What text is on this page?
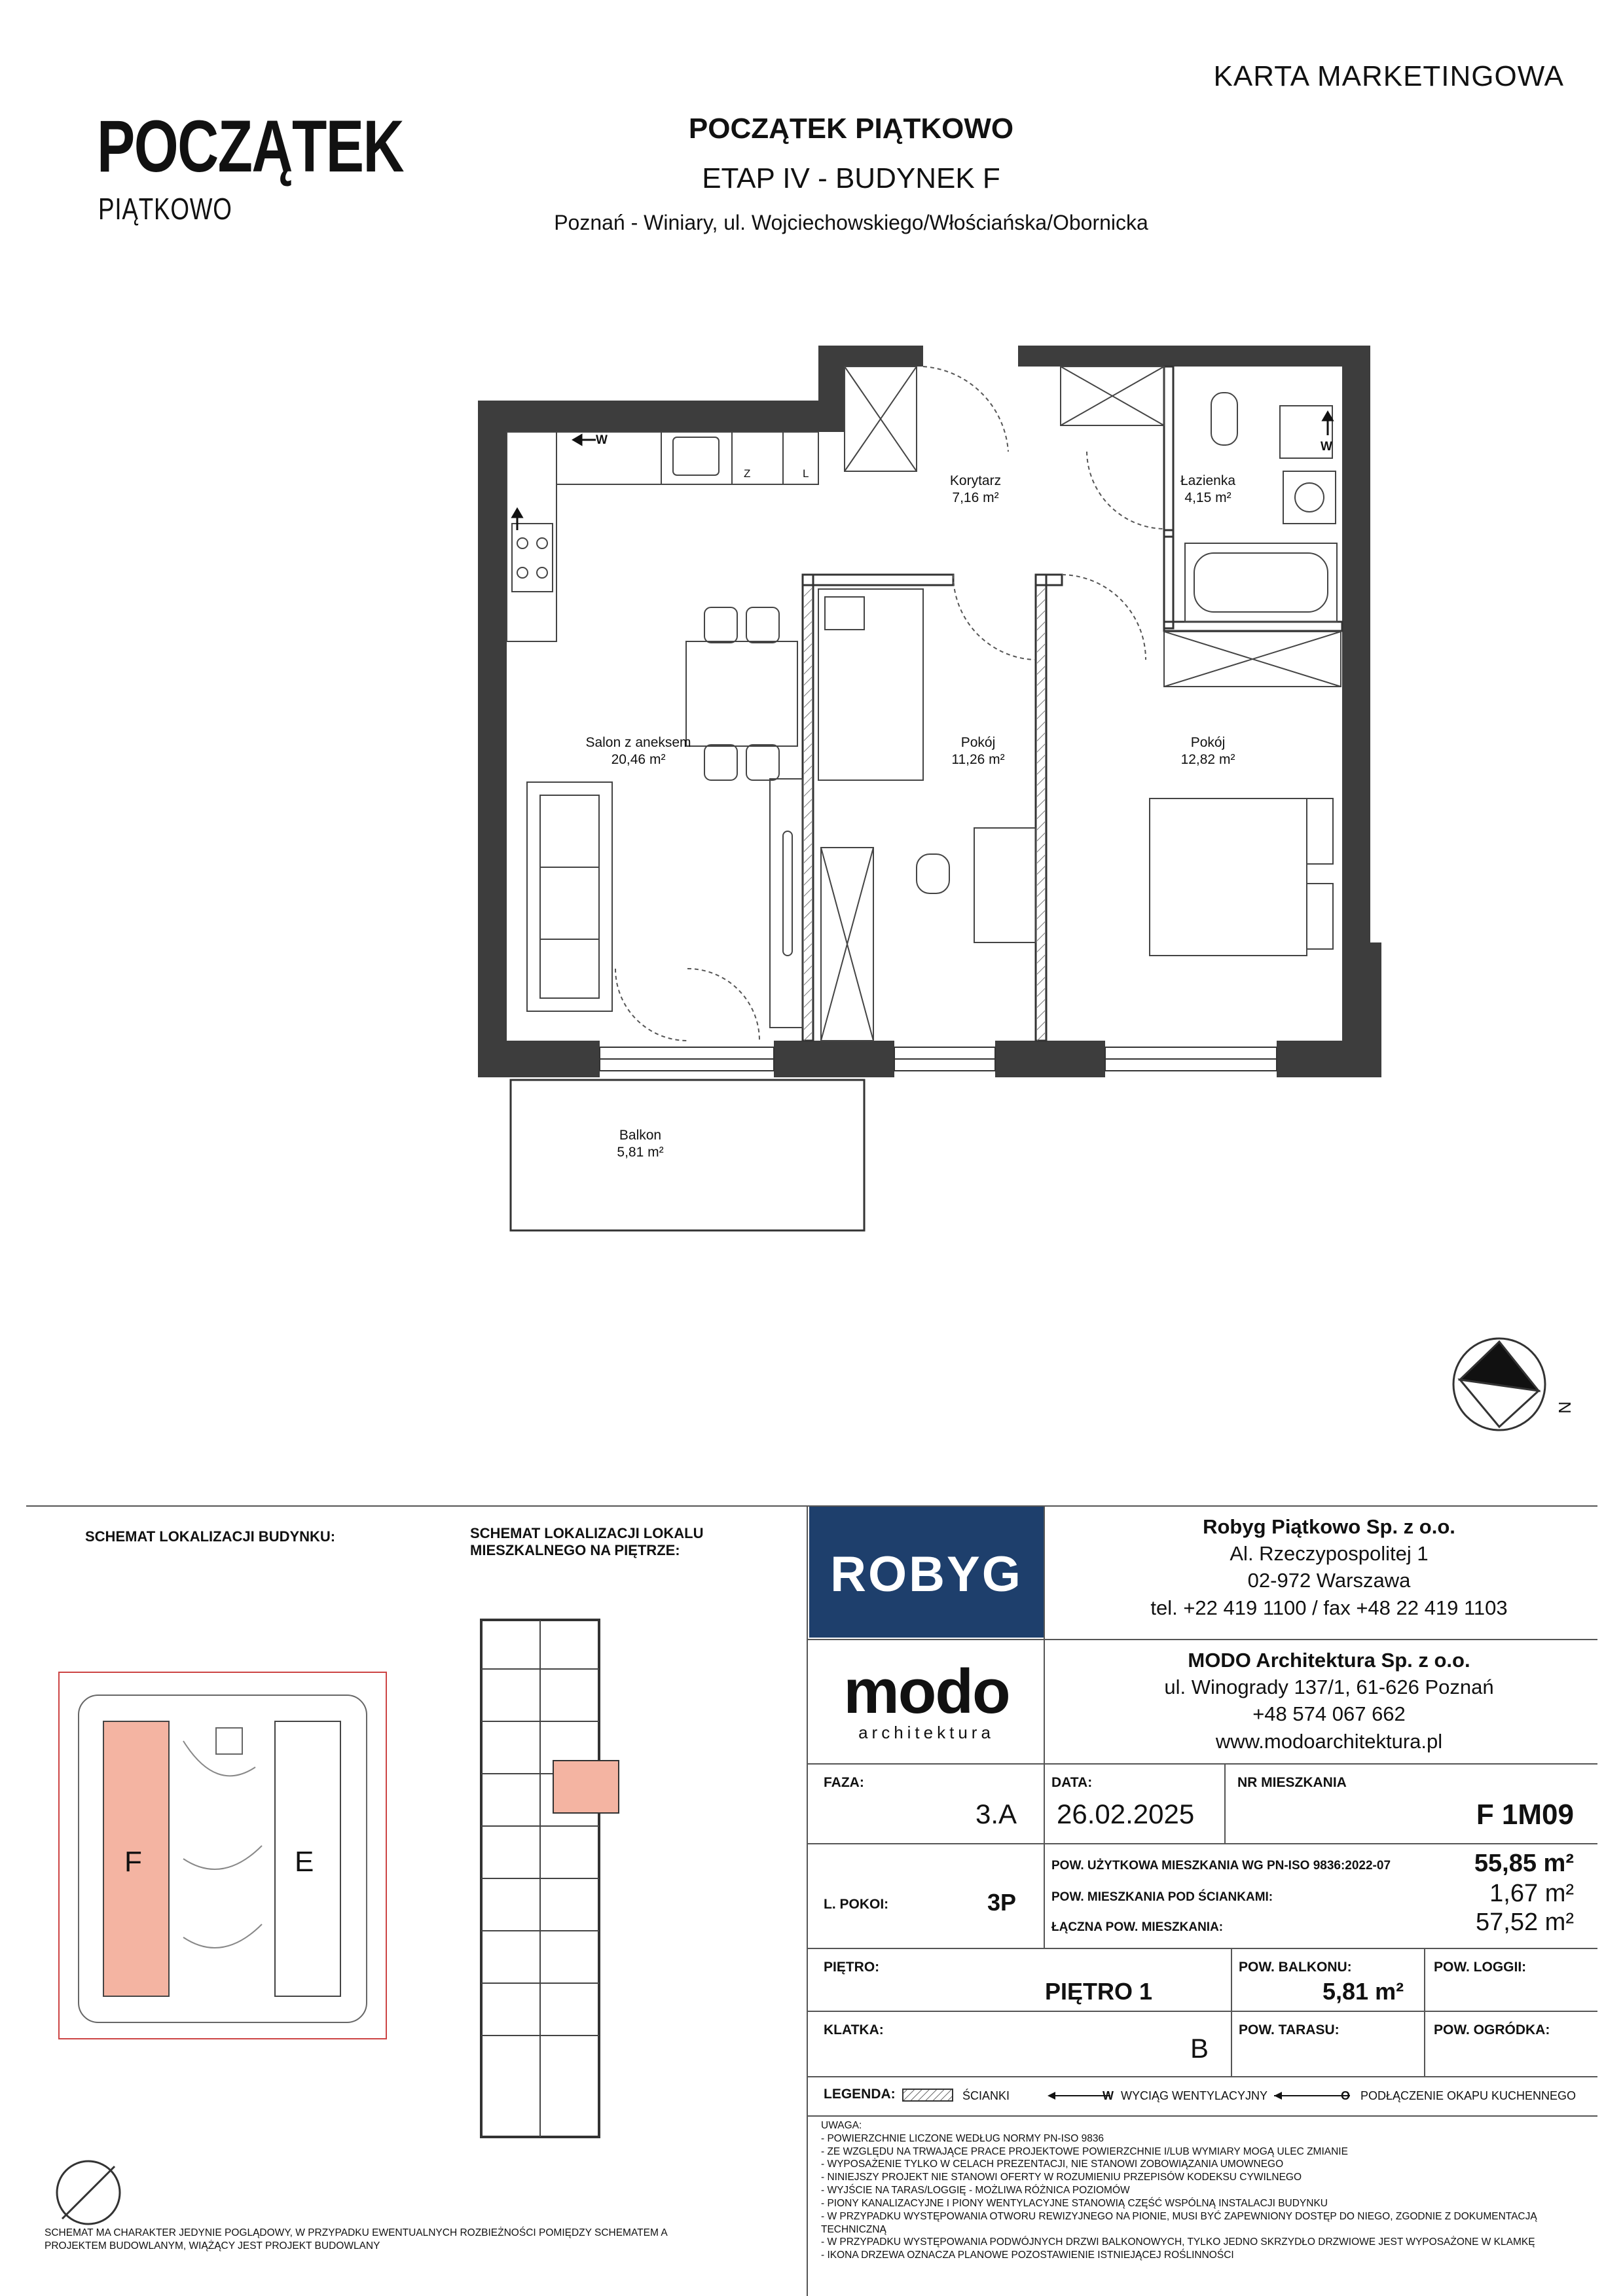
KARTA MARKETINGOWA
POCZĄTEK
PIĄTKOWO
POCZĄTEK PIĄTKOWO
ETAP IV - BUDYNEK F
Poznań - Winiary, ul. Wojciechowskiego/Włościańska/Obornicka
W
Z	L
W
Korytarz
7,16 m²
Łazienka
4,15 m²
Salon z aneksem
20,46 m²
Pokój
11,26 m²
Pokój
12,82 m²
Balkon
5,81 m²
N
SCHEMAT LOKALIZACJI BUDYNKU:	SCHEMAT LOKALIZACJI LOKALU
MIESZKALNEGO NA PIĘTRZE:
F	E
SCHEMAT MA CHARAKTER JEDYNIE POGLĄDOWY, W PRZYPADKU EWENTUALNYCH ROZBIEŻNOŚCI POMIĘDZY SCHEMATEM A
PROJEKTEM BUDOWLANYM, WIĄŻĄCY JEST PROJEKT BUDOWLANY
ROBYG
Robyg Piątkowo Sp. z o.o.
Al. Rzeczypospolitej 1
02-972 Warszawa
tel. +22 419 1100 / fax +48 22 419 1103
modo
architektura
MODO Architektura Sp. z o.o.
ul. Winogrady 137/1, 61-626 Poznań
+48 574 067 662
www.modoarchitektura.pl
FAZA:
3.A
DATA:
26.02.2025
NR MIESZKANIA
F 1M09
L. POKOI:	3P
POW. UŻYTKOWA MIESZKANIA WG PN-ISO 9836:2022-07	55,85 m²
POW. MIESZKANIA POD ŚCIANKAMI:	1,67 m²
ŁĄCZNA POW. MIESZKANIA:	57,52 m²
PIĘTRO:
PIĘTRO 1
POW. BALKONU:
5,81 m²
POW. LOGGII:
KLATKA:
B
POW. TARASU:	POW. OGRÓDKA:
LEGENDA:	ŚCIANKI	W WYCIĄG WENTYLACYJNY	O PODŁĄCZENIE OKAPU KUCHENNEGO
UWAGA:
- POWIERZCHNIE LICZONE WEDŁUG NORMY PN-ISO 9836
- ZE WZGLĘDU NA TRWAJĄCE PRACE PROJEKTOWE POWIERZCHNIE I/LUB WYMIARY MOGĄ ULEC ZMIANIE
- WYPOSAŻENIE TYLKO W CELACH PREZENTACJI, NIE STANOWI ZOBOWIĄZANIA UMOWNEGO
- NINIEJSZY PROJEKT NIE STANOWI OFERTY W ROZUMIENIU PRZEPISÓW KODEKSU CYWILNEGO
- WYJŚCIE NA TARAS/LOGGIĘ - MOŻLIWA RÓŻNICA POZIOMÓW
- PIONY KANALIZACYJNE I PIONY WENTYLACYJNE STANOWIĄ CZĘŚĆ WSPÓLNĄ INSTALACJI BUDYNKU
- W PRZYPADKU WYSTĘPOWANIA OTWORU REWIZYJNEGO NA PIONIE, MUSI BYĆ ZAPEWNIONY DOSTĘP DO NIEGO, ZGODNIE Z DOKUMENTACJĄ
TECHNICZNĄ
- W PRZYPADKU WYSTĘPOWANIA PODWÓJNYCH DRZWI BALKONOWYCH, TYLKO JEDNO SKRZYDŁO DRZWIOWE JEST WYPOSAŻONE W KLAMKĘ
- IKONA DRZEWA OZNACZA PLANOWE POZOSTAWIENIE ISTNIEJĄCEJ ROŚLINNOŚCI
